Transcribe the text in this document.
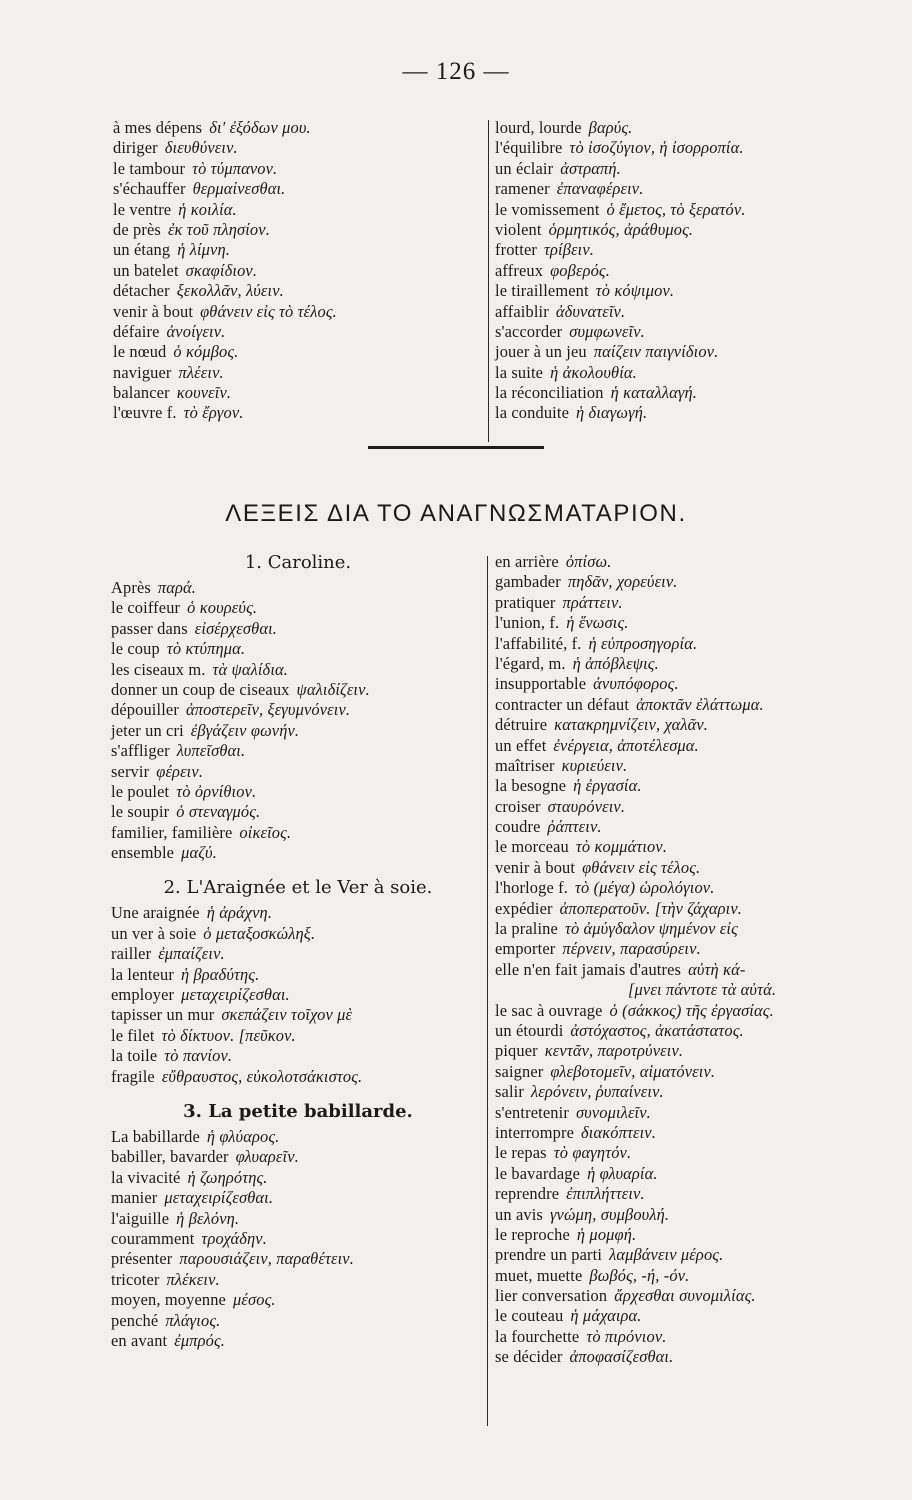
— 126 —
à mes dépens δι' ἐξόδων μου.
diriger διευθύνειν.
le tambour τὸ τύμπανον.
s'échauffer θερμαίνεσθαι.
le ventre ἡ κοιλία.
de près ἐκ τοῦ πλησίον.
un étang ἡ λίμνη.
un batelet σκαφίδιον.
détacher ξεκολλᾶν, λύειν.
venir à bout φθάνειν εἰς τὸ τέλος.
défaire ἀνοίγειν.
le nœud ὁ κόμβος.
naviguer πλέειν.
balancer κουνεῖν.
l'œuvre f. τὸ ἔργον.
lourd, lourde βαρύς.
l'équilibre τὸ ἰσοζύγιον, ἡ ἰσορροπία.
un éclair ἀστραπή.
ramener ἐπαναφέρειν.
le vomissement ὁ ἔμετος, τὸ ξερατόν.
violent ὁρμητικός, ἀράθυμος.
frotter τρίβειν.
affreux φοβερός.
le tiraillement τὸ κόψιμον.
affaiblir ἀδυνατεῖν.
s'accorder συμφωνεῖν.
jouer à un jeu παίζειν παιγνίδιον.
la suite ἡ ἀκολουθία.
la réconciliation ἡ καταλλαγή.
la conduite ἡ διαγωγή.
ΛΕΞΕΙΣ ΔΙΑ ΤΟ ΑΝΑΓΝΩΣΜΑΤΑΡΙΟΝ.
1. Caroline.
Après παρά.
le coiffeur ὁ κουρεύς.
passer dans εἰσέρχεσθαι.
le coup τὸ κτύπημα.
les ciseaux m. τὰ ψαλίδια.
donner un coup de ciseaux ψαλιδίζειν.
dépouiller ἀποστερεῖν, ξεγυμνόνειν.
jeter un cri ἐβγάζειν φωνήν.
s'affliger λυπεῖσθαι.
servir φέρειν.
le poulet τὸ ὀρνίθιον.
le soupir ὁ στεναγμός.
familier, familière οἰκεῖος.
ensemble μαζύ.
2. L'Araignée et le Ver à soie.
Une araignée ἡ ἀράχνη.
un ver à soie ὁ μεταξοσκώληξ.
railler ἐμπαίζειν.
la lenteur ἡ βραδύτης.
employer μεταχειρίζεσθαι.
tapisser un mur σκεπάζειν τοῖχον μὲ
le filet τὸ δίκτυον. [πεῦκον.
la toile τὸ πανίον.
fragile εὔθραυστος, εὐκολοτσάκιστος.
3. La petite babillarde.
La babillarde ἡ φλύαρος.
babiller, bavarder φλυαρεῖν.
la vivacité ἡ ζωηρότης.
manier μεταχειρίζεσθαι.
l'aiguille ἡ βελόνη.
couramment τροχάδην.
présenter παρουσιάζειν, παραθέτειν.
tricoter πλέκειν.
moyen, moyenne μέσος.
penché πλάγιος.
en avant ἐμπρός.
en arrière ὀπίσω.
gambader πηδᾶν, χορεύειν.
pratiquer πράττειν.
l'union, f. ἡ ἕνωσις.
l'affabilité, f. ἡ εὐπροσηγορία.
l'égard, m. ἡ ἀπόβλεψις.
insupportable ἀνυπόφορος.
contracter un défaut ἀποκτᾶν ἐλάττωμα.
détruire κατακρημνίζειν, χαλᾶν.
un effet ἐνέργεια, ἀποτέλεσμα.
maîtriser κυριεύειν.
la besogne ἡ ἐργασία.
croiser σταυρόνειν.
coudre ῥάπτειν.
le morceau τὸ κομμάτιον.
venir à bout φθάνειν εἰς τέλος.
l'horloge f. τὸ (μέγα) ὡρολόγιον.
expédier ἀποπερατοῦν. [τὴν ζάχαριν.
la praline τὸ ἀμύγδαλον ψημένον εἰς
emporter πέρνειν, παρασύρειν.
elle n'en fait jamais d'autres αὐτὴ κά-
[μνει πάντοτε τὰ αὐτά.
le sac à ouvrage ὁ (σάκκος) τῆς ἐργασίας.
un étourdi ἀστόχαστος, ἀκατάστατος.
piquer κεντᾶν, παροτρύνειν.
saigner φλεβοτομεῖν, αἱματόνειν.
salir λερόνειν, ῥυπαίνειν.
s'entretenir συνομιλεῖν.
interrompre διακόπτειν.
le repas τὸ φαγητόν.
le bavardage ἡ φλυαρία.
reprendre ἐπιπλήττειν.
un avis γνώμη, συμβουλή.
le reproche ἡ μομφή.
prendre un parti λαμβάνειν μέρος.
muet, muette βωβός, -ή, -όν.
lier conversation ἄρχεσθαι συνομιλίας.
le couteau ἡ μάχαιρα.
la fourchette τὸ πιρόνιον.
se décider ἀποφασίζεσθαι.
